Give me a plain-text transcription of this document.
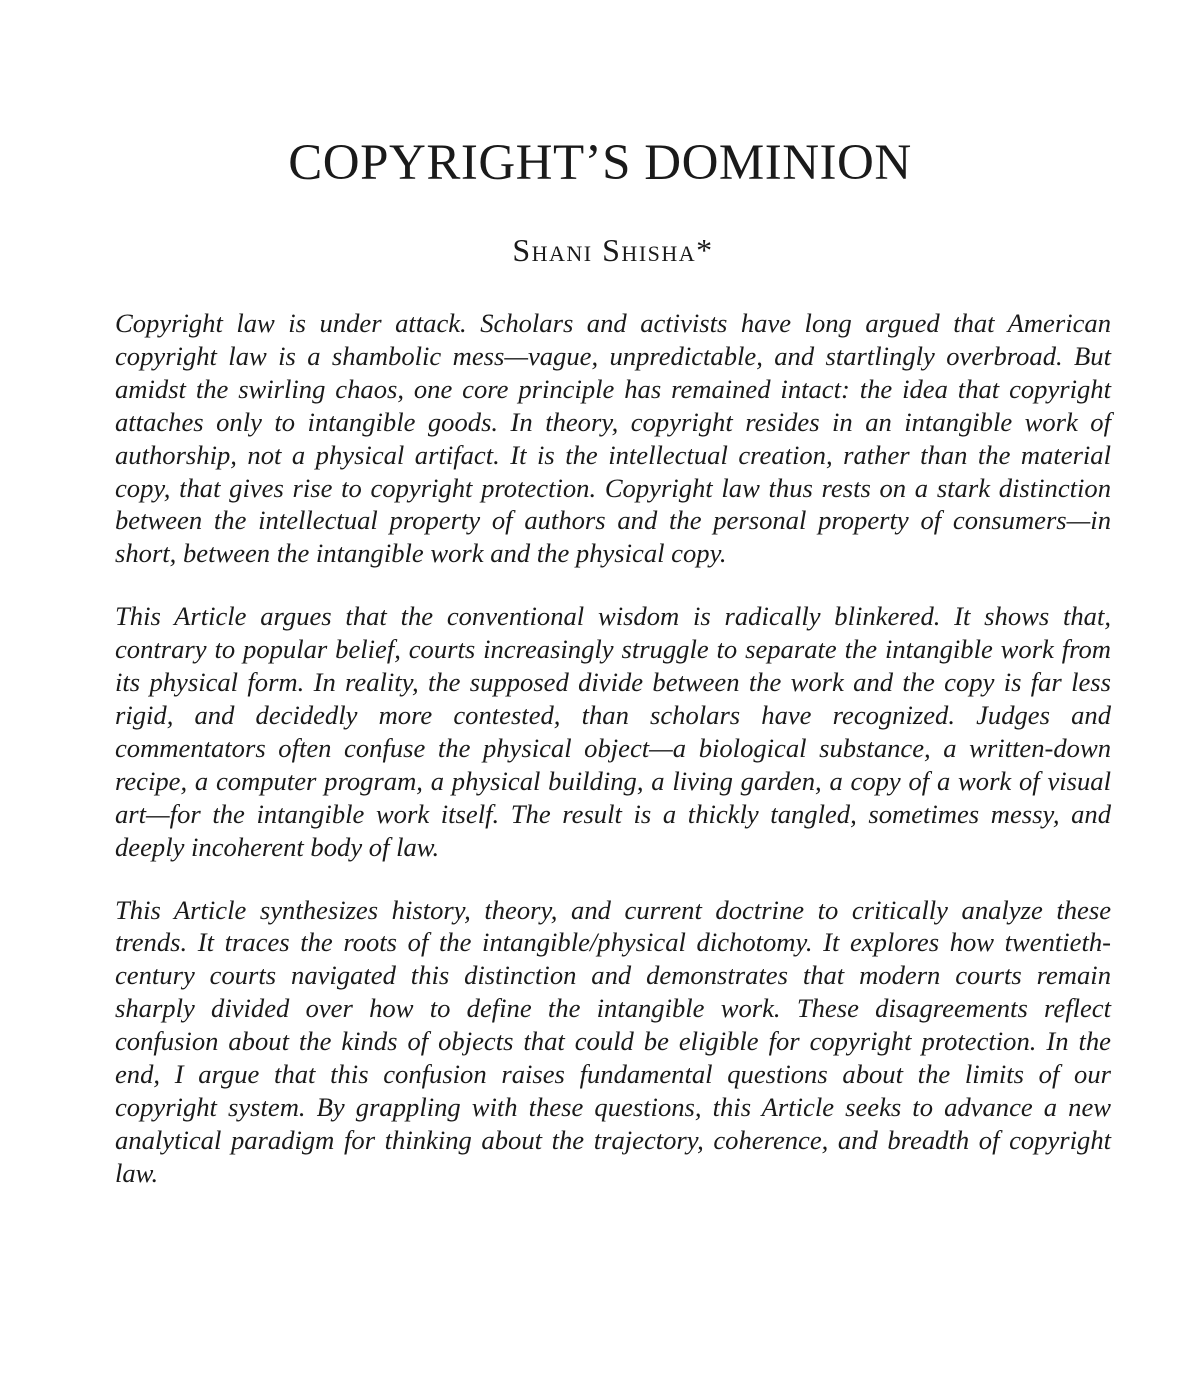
COPYRIGHT’S DOMINION
Shani Shisha*

Copyright law is under attack. Scholars and activists have long argued that American copyright law is a shambolic mess—vague, unpredictable, and startlingly overbroad. But amidst the swirling chaos, one core principle has remained intact: the idea that copyright attaches only to intangible goods. In theory, copyright resides in an intangible work of authorship, not a physical artifact. It is the intellectual creation, rather than the material copy, that gives rise to copyright protection. Copyright law thus rests on a stark distinction between the intellectual property of authors and the personal property of consumers—in short, between the intangible work and the physical copy.

This Article argues that the conventional wisdom is radically blinkered. It shows that, contrary to popular belief, courts increasingly struggle to separate the intangible work from its physical form. In reality, the supposed divide between the work and the copy is far less rigid, and decidedly more contested, than scholars have recognized. Judges and commentators often confuse the physical object—a biological substance, a written-down recipe, a computer program, a physical building, a living garden, a copy of a work of visual art—for the intangible work itself. The result is a thickly tangled, sometimes messy, and deeply incoherent body of law.

This Article synthesizes history, theory, and current doctrine to critically analyze these trends. It traces the roots of the intangible/physical dichotomy. It explores how twentieth-century courts navigated this distinction and demonstrates that modern courts remain sharply divided over how to define the intangible work. These disagreements reflect confusion about the kinds of objects that could be eligible for copyright protection. In the end, I argue that this confusion raises fundamental questions about the limits of our copyright system. By grappling with these questions, this Article seeks to advance a new analytical paradigm for thinking about the trajectory, coherence, and breadth of copyright law.
